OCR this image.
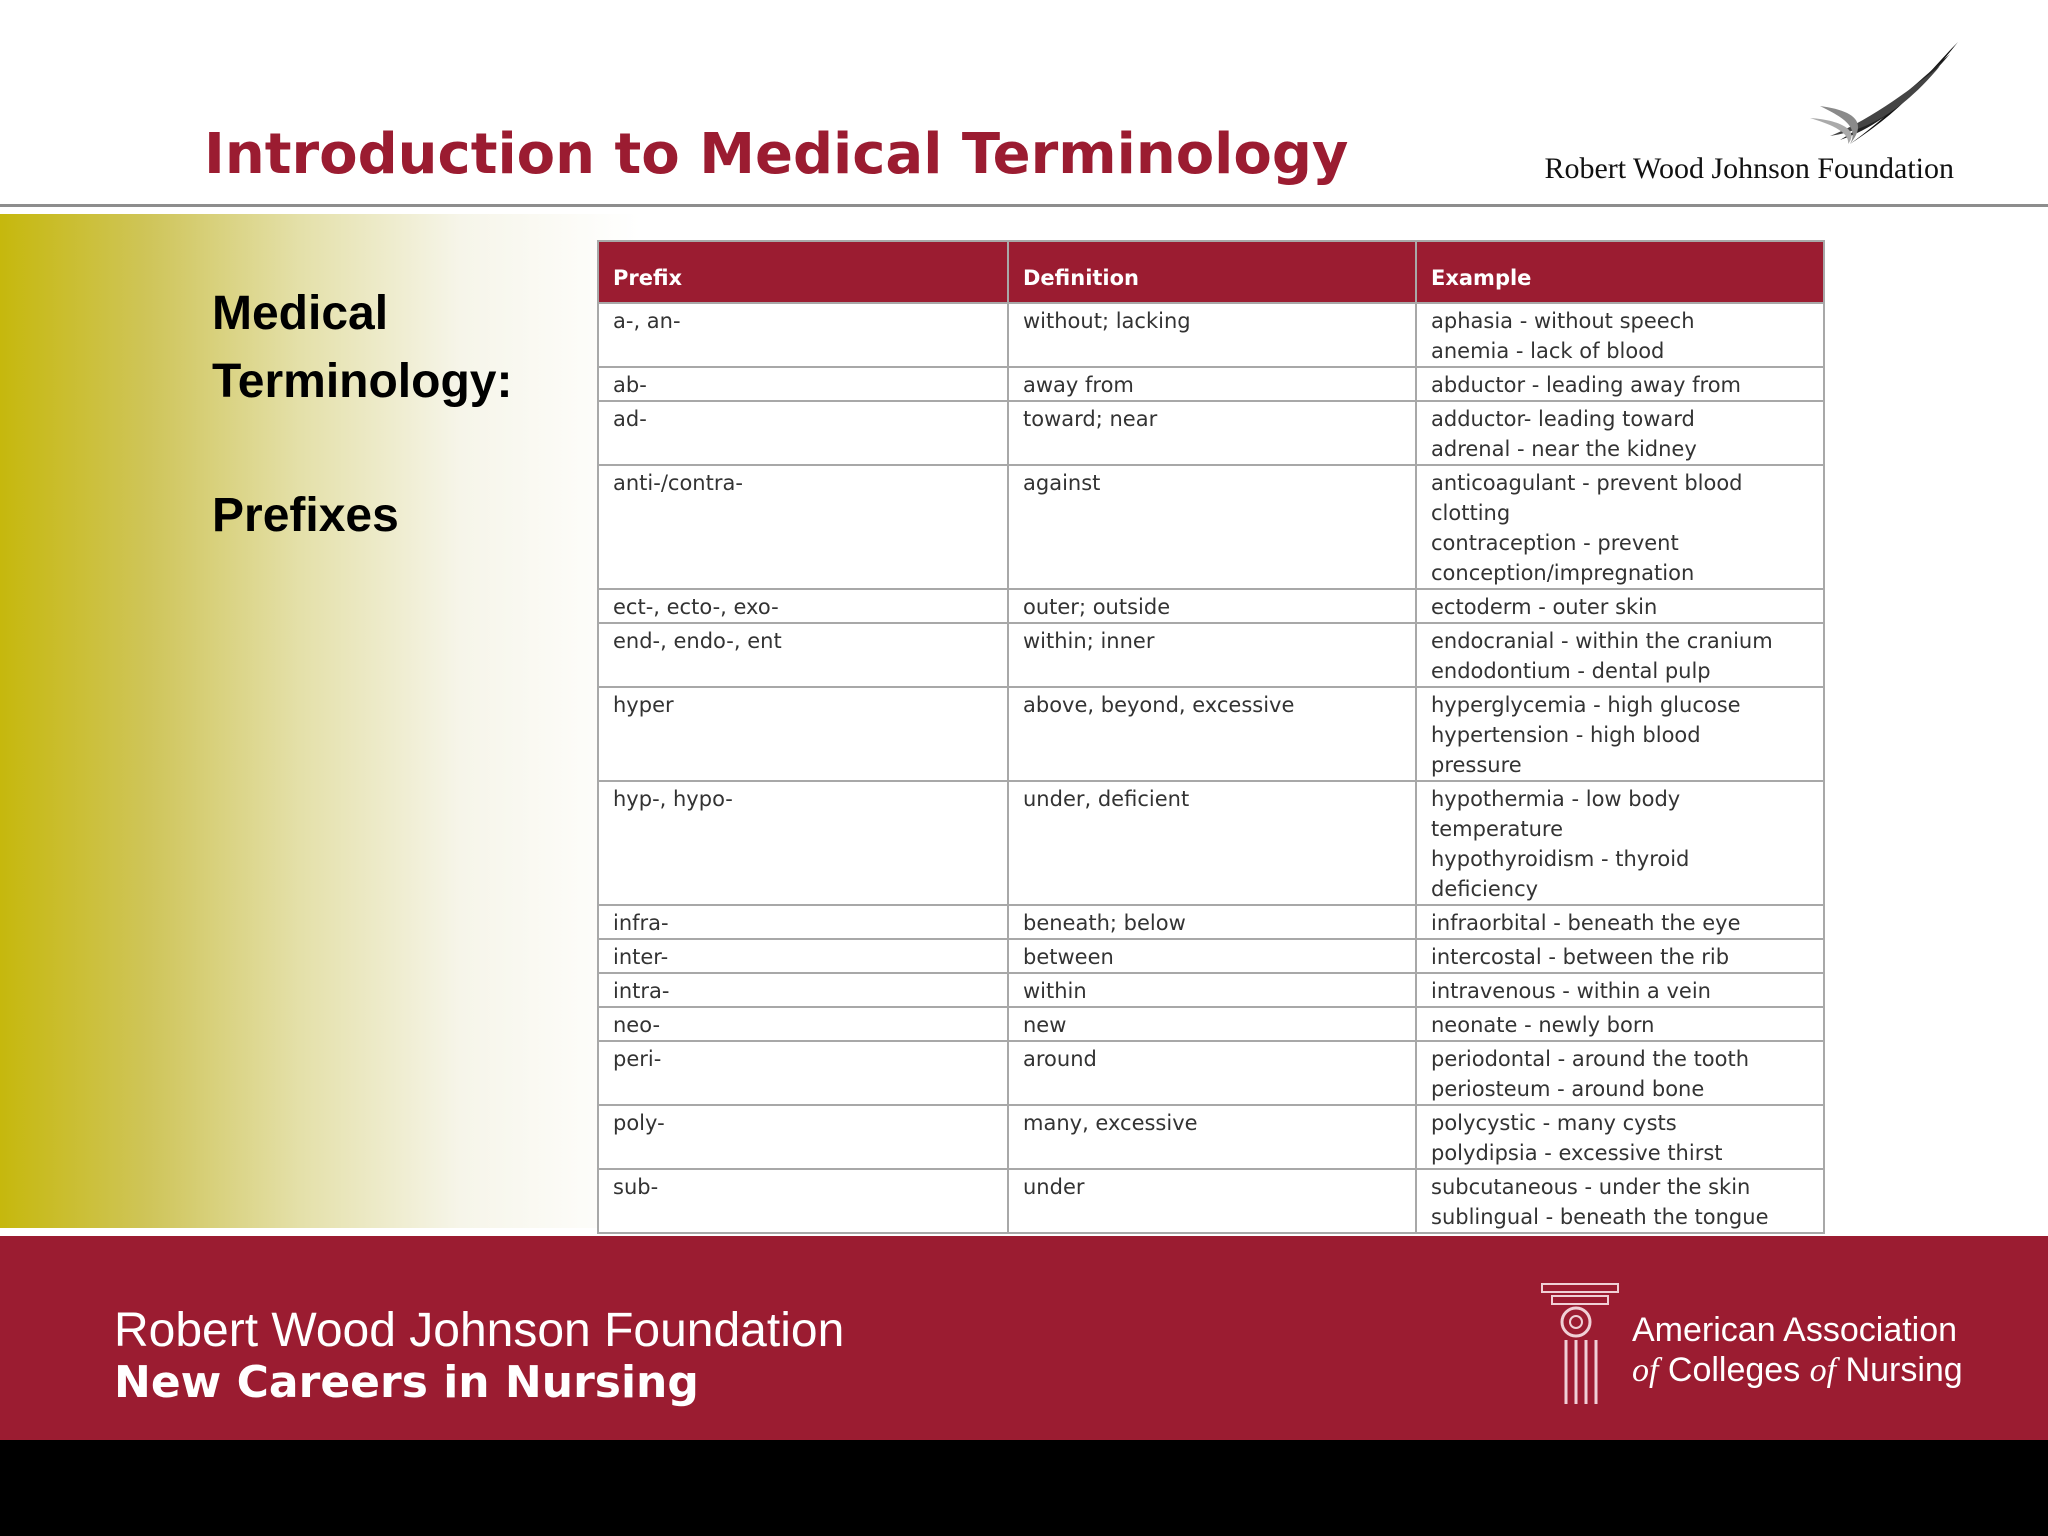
Introduction to Medical Terminology	Robert Wood Johnson Foundation
Medical
Terminology:
Prefixes
Prefix	Definition	Example
a-, an-	without; lacking	aphasia - without speech
anemia - lack of blood

ab-	away from	abductor - leading away from

ad-	toward; near	adductor- leading toward
adrenal - near the kidney

anti-/contra-	against	anticoagulant - prevent blood
clotting
contraception - prevent
conception/impregnation

ect-, ecto-, exo-	outer; outside	ectoderm - outer skin

end-, endo-, ent	within; inner	endocranial - within the cranium
endodontium - dental pulp

hyper	above, beyond, excessive	hyperglycemia - high glucose
hypertension - high blood
pressure

hyp-, hypo-	under, deficient	hypothermia - low body
temperature
hypothyroidism - thyroid
deficiency

infra-	beneath; below	infraorbital - beneath the eye

inter-	between	intercostal - between the rib

intra-	within	intravenous - within a vein

neo-	new	neonate - newly born

peri-	around	periodontal - around the tooth
periosteum - around bone

poly-	many, excessive	polycystic - many cysts
polydipsia - excessive thirst

sub-	under	subcutaneous - under the skin
sublingual - beneath the tongue
Robert Wood Johnson Foundation
New Careers in Nursing
American Association
of Colleges of Nursing
